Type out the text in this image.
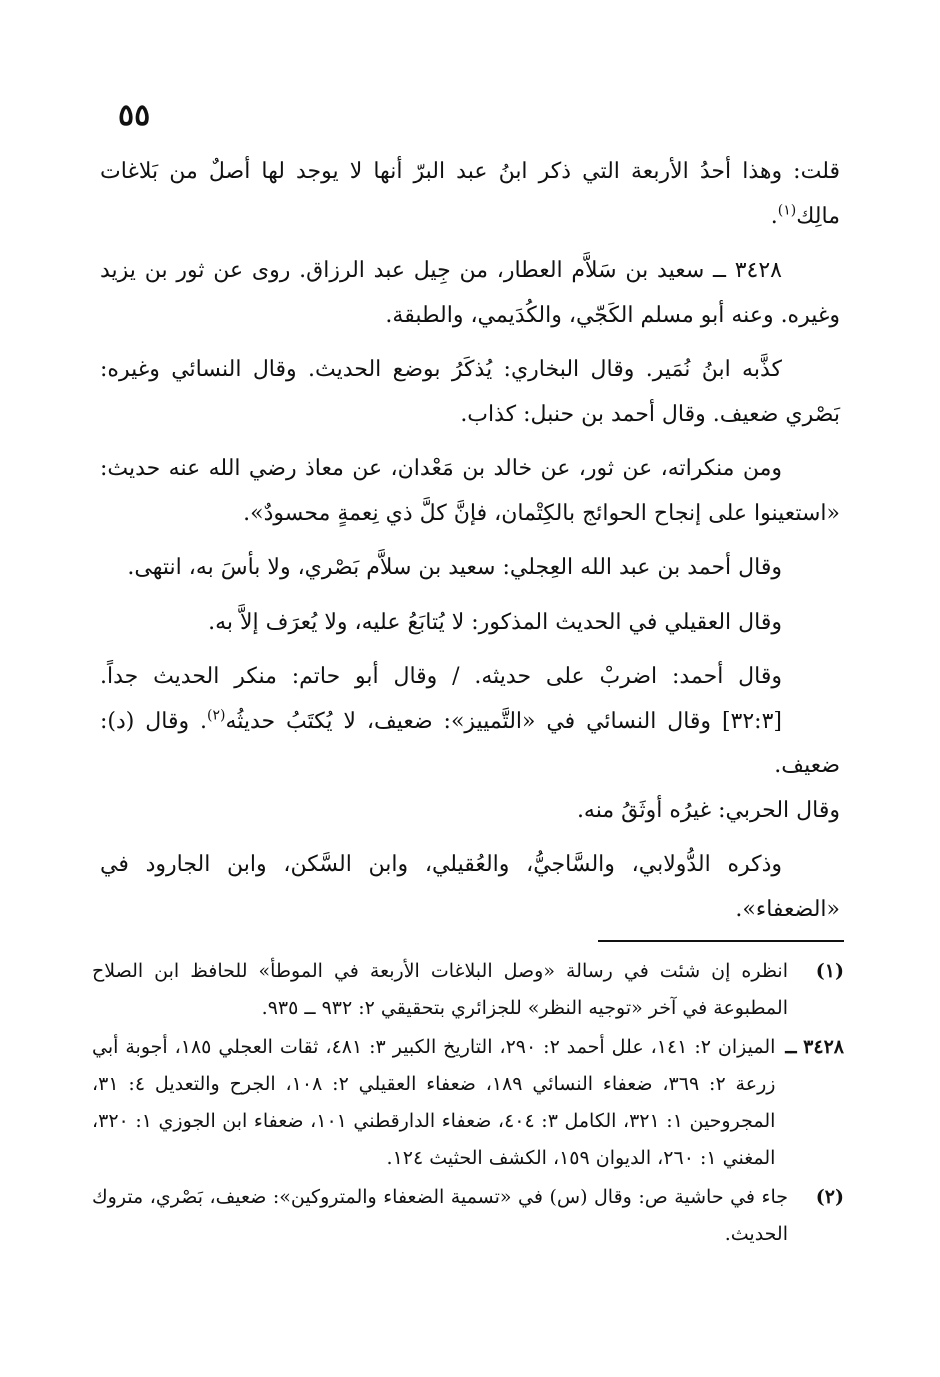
٥٥

قلت: وهذا أحدُ الأربعة التي ذكر ابنُ عبد البرّ أنها لا يوجد لها أصلٌ من بَلاغات مالِك$^{(١)}$.

٣٤٢٨ ــ سعيد بن سَلاَّم العطار، من جِيل عبد الرزاق. روى عن ثور بن يزيد وغيره. وعنه أبو مسلم الكَجّي، والكُدَيمي، والطبقة.

كذَّبه ابنُ نُمَير. وقال البخاري: يُذكَرُ بوضع الحديث. وقال النسائي وغيره: بَصْري ضعيف. وقال أحمد بن حنبل: كذاب.

ومن منكراته، عن ثور، عن خالد بن مَعْدان، عن معاذ رضي الله عنه حديث: «استعينوا على إنجاح الحوائج بالكِتْمان، فإنَّ كلَّ ذي نِعمةٍ محسودٌ».

وقال أحمد بن عبد الله العِجلي: سعيد بن سلاَّم بَصْري، ولا بأسَ به، انتهى.

وقال العقيلي في الحديث المذكور: لا يُتابَعُ عليه، ولا يُعرَف إلاَّ به.

وقال أحمد: اضربْ على حديثه. / وقال أبو حاتم: منكر الحديث جداً. [٣٢:٣] وقال النسائي في «التَّمييز»: ضعيف، لا يُكتَبُ حديثُه$^{(٢)}$. وقال (د): ضعيف.
وقال الحربي: غيرُه أوثَقُ منه.

وذكره الدُّولابي، والسَّاجيُّ، والعُقيلي، وابن السَّكن، وابن الجارود في «الضعفاء».

(١)
انظره إن شئت في رسالة «وصل البلاغات الأربعة في الموطأ» للحافظ ابن الصلاح المطبوعة في آخر «توجيه النظر» للجزائري بتحقيقي ٢: ٩٣٢ ــ ٩٣٥.
٣٤٢٨ ــ
الميزان ٢: ١٤١، علل أحمد ٢: ٢٩٠، التاريخ الكبير ٣: ٤٨١، ثقات العجلي ١٨٥، أجوبة أبي زرعة ٢: ٣٦٩، ضعفاء النسائي ١٨٩، ضعفاء العقيلي ٢: ١٠٨، الجرح والتعديل ٤: ٣١، المجروحين ١: ٣٢١، الكامل ٣: ٤٠٤، ضعفاء الدارقطني ١٠١، ضعفاء ابن الجوزي ١: ٣٢٠، المغني ١: ٢٦٠، الديوان ١٥٩، الكشف الحثيث ١٢٤.
(٢)
جاء في حاشية ص: وقال (س) في «تسمية الضعفاء والمتروكين»: ضعيف، بَصْري، متروك الحديث.
